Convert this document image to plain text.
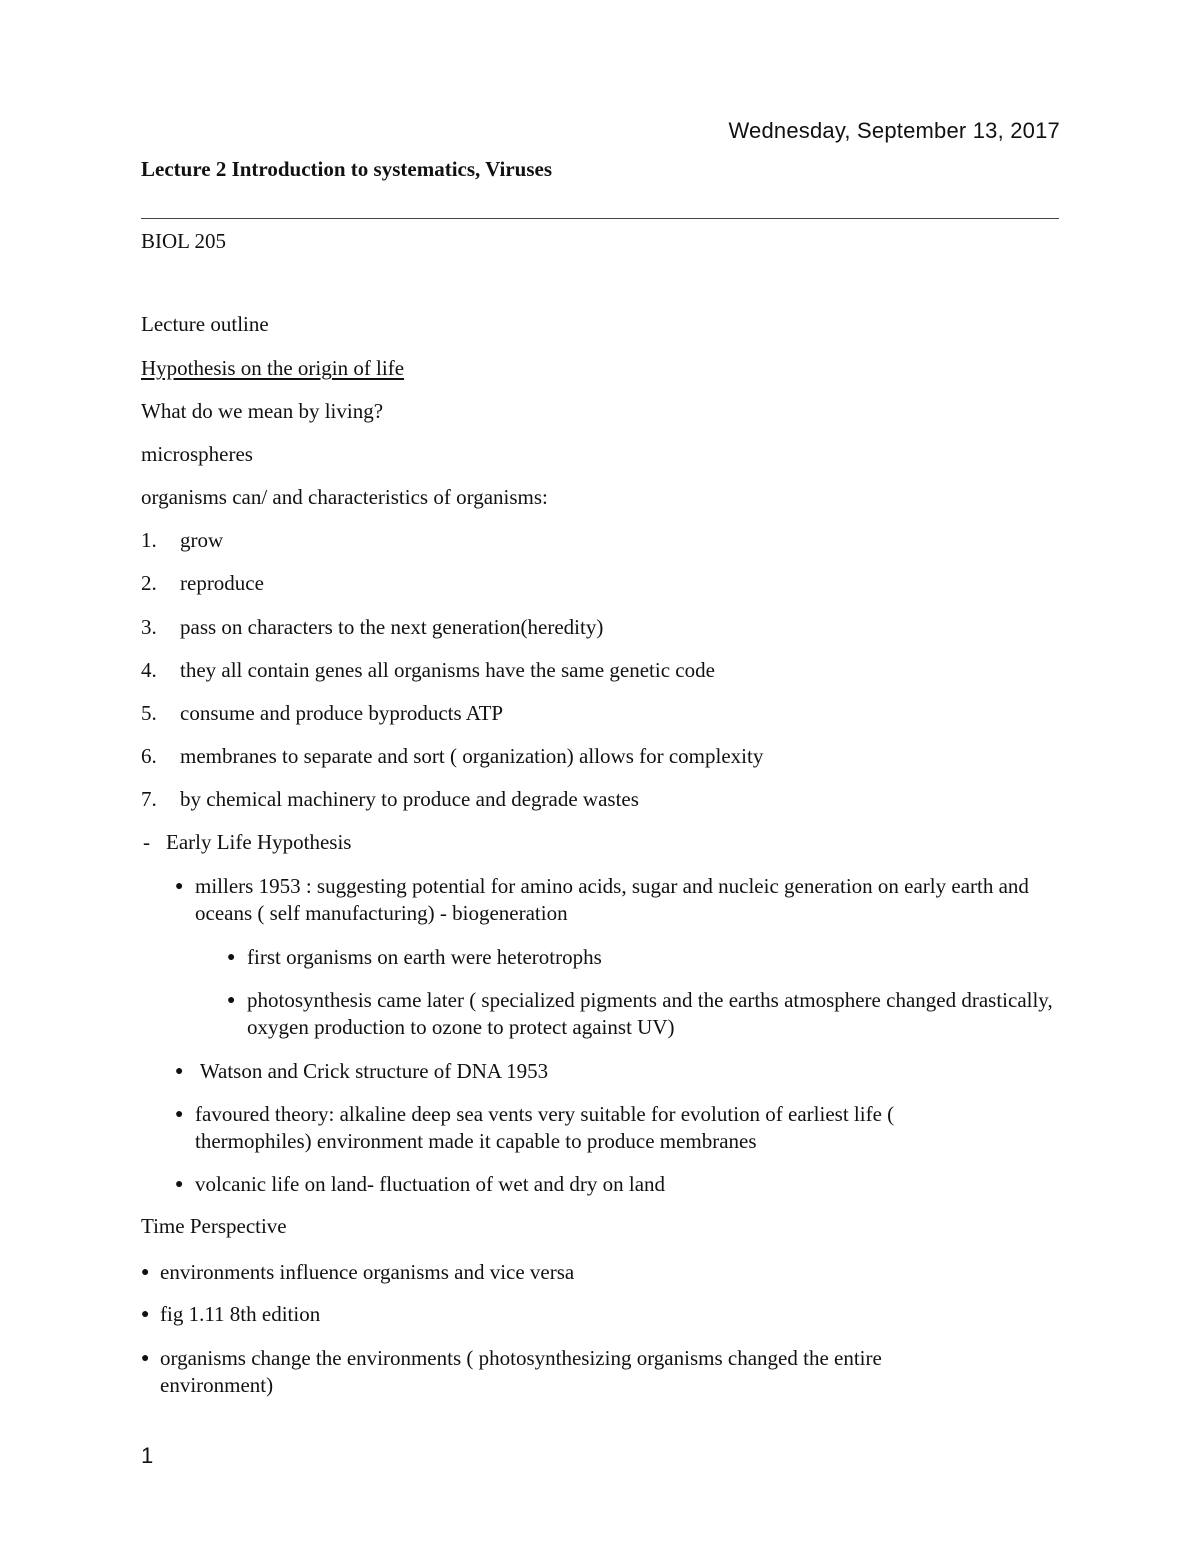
Wednesday, September 13, 2017
Lecture 2 Introduction to systematics, Viruses
BIOL 205
Lecture outline
Hypothesis on the origin of life
What do we mean by living?
microspheres
organisms can/ and characteristics of organisms:
1. grow
2. reproduce
3. pass on characters to the next generation(heredity)
4. they all contain genes all organisms have the same genetic code
5. consume and produce byproducts ATP
6. membranes to separate and sort ( organization) allows for complexity
7. by chemical machinery to produce and degrade wastes
- Early Life Hypothesis
● millers 1953 : suggesting potential for amino acids, sugar and nucleic generation on early earth and oceans ( self manufacturing) - biogeneration
● first organisms on earth were heterotrophs
● photosynthesis came later ( specialized pigments and the earths atmosphere changed drastically, oxygen production to ozone to protect against UV)
● Watson and Crick structure of DNA 1953
● favoured theory: alkaline deep sea vents very suitable for evolution of earliest life ( thermophiles) environment made it capable to produce membranes
● volcanic life on land- fluctuation of wet and dry on land
Time Perspective
● environments influence organisms and vice versa
● fig 1.11 8th edition
● organisms change the environments ( photosynthesizing organisms changed the entire environment)
1
